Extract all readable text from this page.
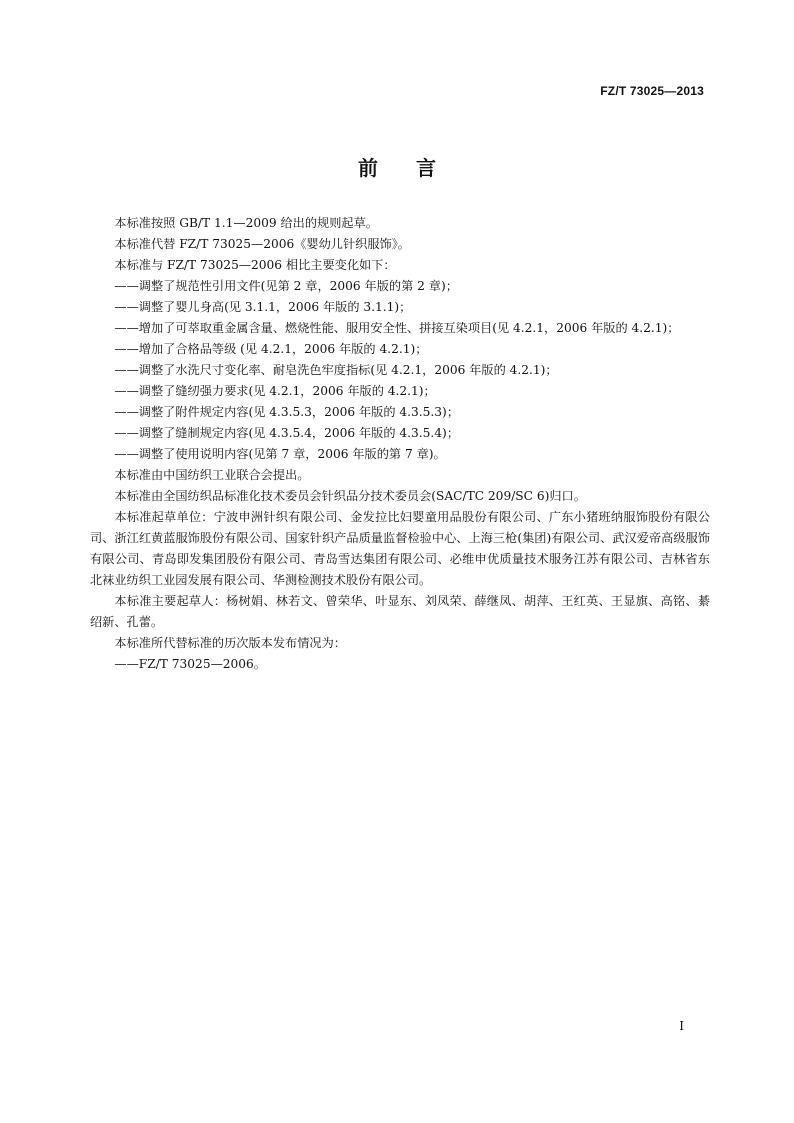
FZ/T 73025—2013
前言

本标准按照 GB/T 1.1—2009 给出的规则起草。

本标准代替 FZ/T 73025—2006《婴幼儿针织服饰》。

本标准与 FZ/T 73025—2006 相比主要变化如下：

——调整了规范性引用文件(见第 2 章，2006 年版的第 2 章)；

——调整了婴儿身高(见 3.1.1，2006 年版的 3.1.1)；

——增加了可萃取重金属含量、燃烧性能、服用安全性、拼接互染项目(见 4.2.1，2006 年版的 4.2.1)；

——增加了合格品等级 (见 4.2.1，2006 年版的 4.2.1)；

——调整了水洗尺寸变化率、耐皂洗色牢度指标(见 4.2.1，2006 年版的 4.2.1)；

——调整了缝纫强力要求(见 4.2.1，2006 年版的 4.2.1)；

——调整了附件规定内容(见 4.3.5.3，2006 年版的 4.3.5.3)；

——调整了缝制规定内容(见 4.3.5.4，2006 年版的 4.3.5.4)；

——调整了使用说明内容(见第 7 章，2006 年版的第 7 章)。

本标准由中国纺织工业联合会提出。

本标准由全国纺织品标准化技术委员会针织品分技术委员会(SAC/TC 209/SC 6)归口。

本标准起草单位：宁波申洲针织有限公司、金发拉比妇婴童用品股份有限公司、广东小猪班纳服饰股份有限公司、浙江红黄蓝服饰股份有限公司、国家针织产品质量监督检验中心、上海三枪(集团)有限公司、武汉爱帝高级服饰有限公司、青岛即发集团股份有限公司、青岛雪达集团有限公司、必维申优质量技术服务江苏有限公司、吉林省东北袜业纺织工业园发展有限公司、华测检测技术股份有限公司。

本标准主要起草人：杨树娟、林若文、曾荣华、叶显东、刘凤荣、薛继凤、胡萍、王红英、王显旗、高铭、綦绍新、孔蕾。

本标准所代替标准的历次版本发布情况为：

——FZ/T 73025—2006。

I
